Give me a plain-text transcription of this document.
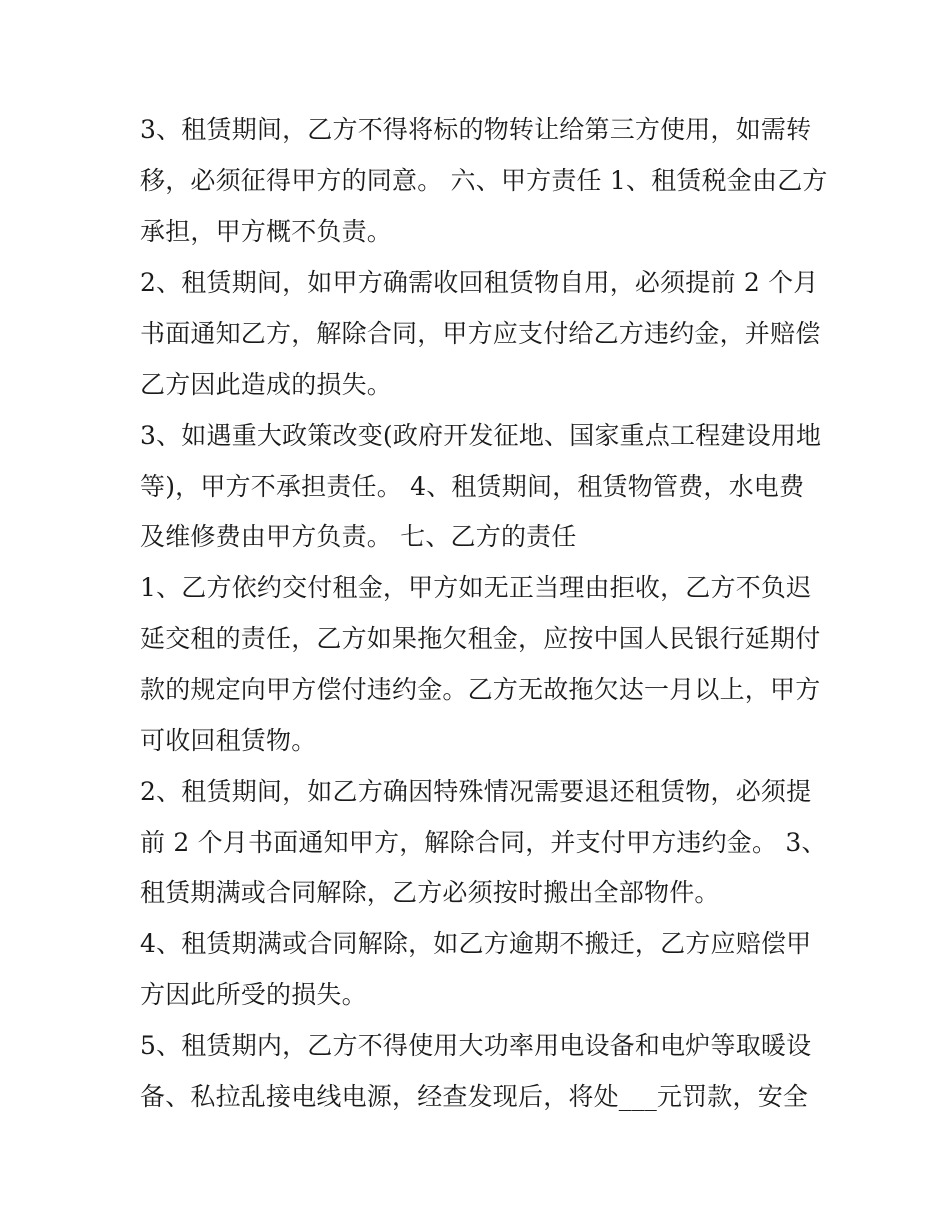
3、租赁期间，乙方不得将标的物转让给第三方使用，如需转
移，必须征得甲方的同意。 六、甲方责任 1、租赁税金由乙方
承担，甲方概不负责。
2、租赁期间，如甲方确需收回租赁物自用，必须提前 2 个月
书面通知乙方，解除合同，甲方应支付给乙方违约金，并赔偿
乙方因此造成的损失。
3、如遇重大政策改变(政府开发征地、国家重点工程建设用地
等)，甲方不承担责任。 4、租赁期间，租赁物管费，水电费
及维修费由甲方负责。 七、乙方的责任
1、乙方依约交付租金，甲方如无正当理由拒收，乙方不负迟
延交租的责任，乙方如果拖欠租金，应按中国人民银行延期付
款的规定向甲方偿付违约金。乙方无故拖欠达一月以上，甲方
可收回租赁物。
2、租赁期间，如乙方确因特殊情况需要退还租赁物，必须提
前 2 个月书面通知甲方，解除合同，并支付甲方违约金。 3、
租赁期满或合同解除，乙方必须按时搬出全部物件。
4、租赁期满或合同解除，如乙方逾期不搬迁，乙方应赔偿甲
方因此所受的损失。
5、租赁期内，乙方不得使用大功率用电设备和电炉等取暖设
备、私拉乱接电线电源，经查发现后，将处___元罚款，安全
